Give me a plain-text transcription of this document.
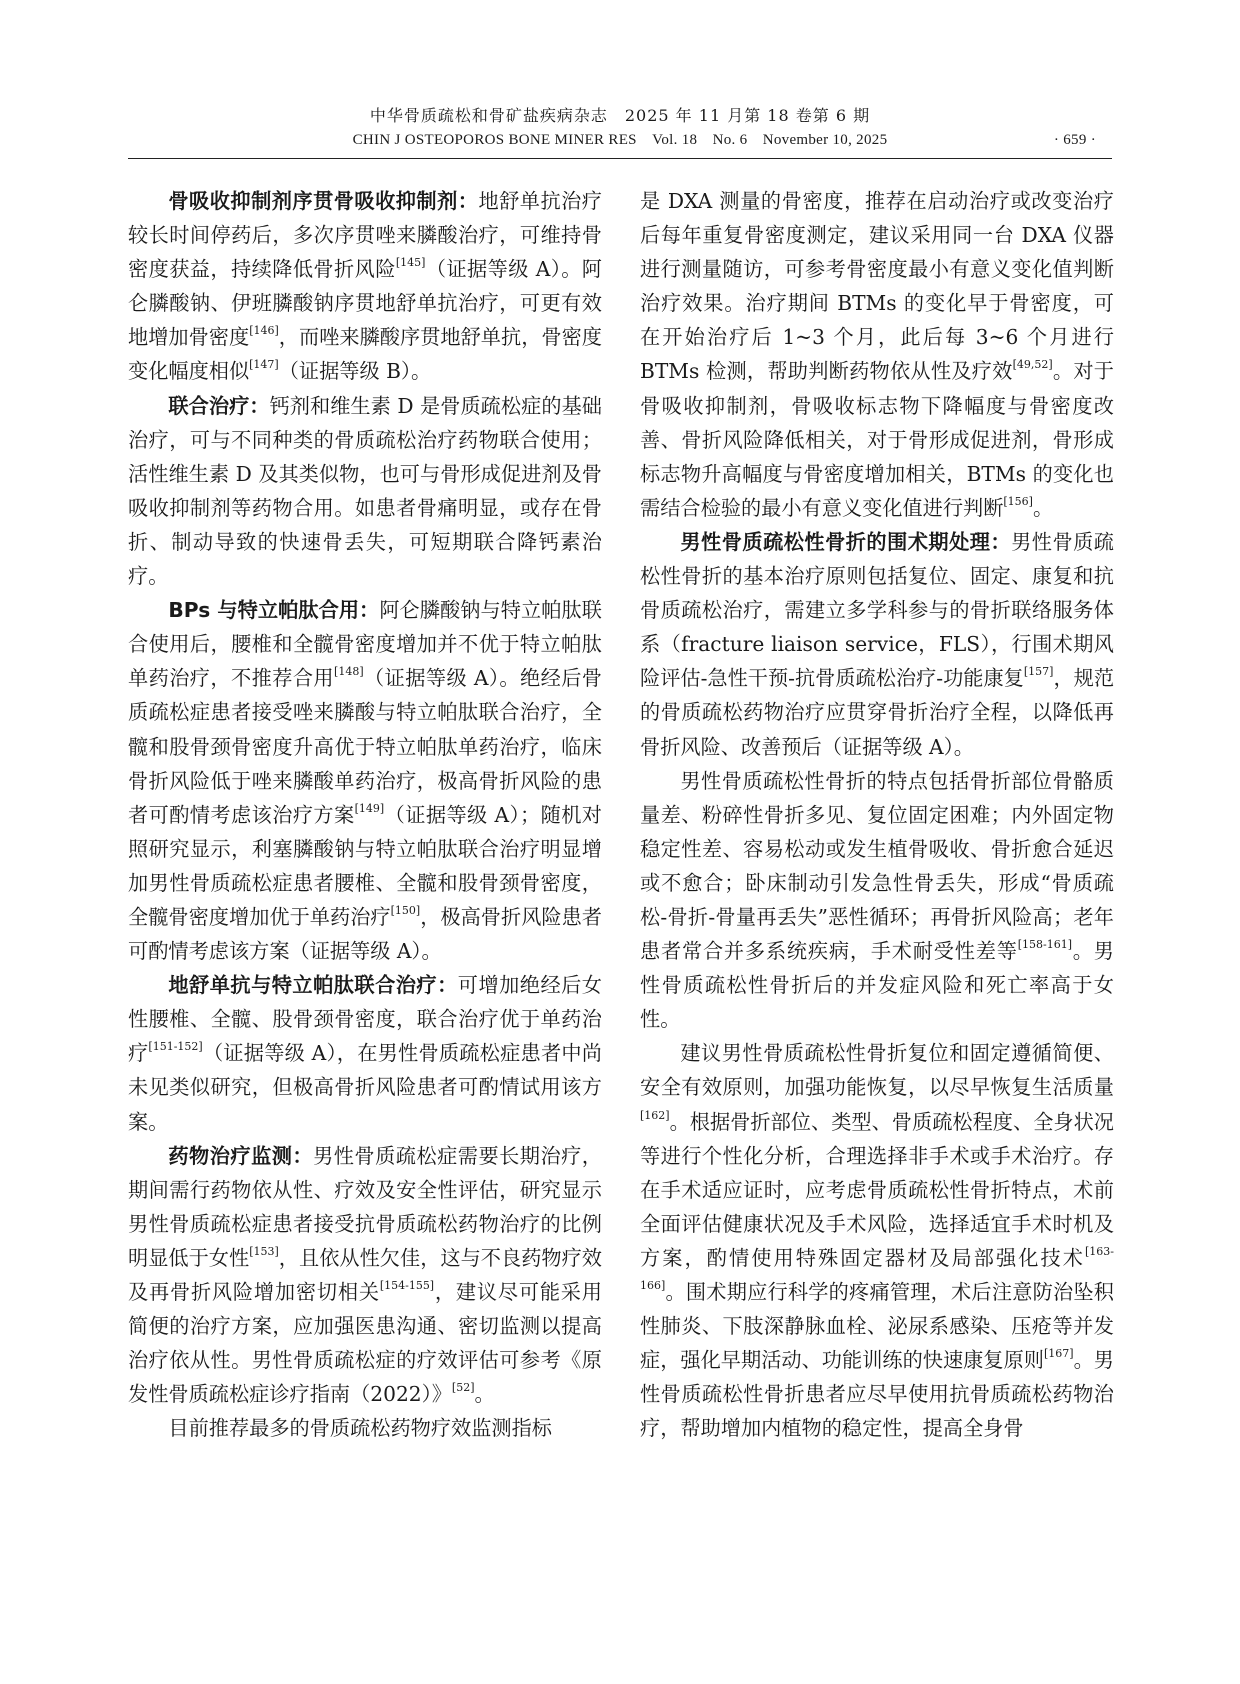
中华骨质疏松和骨矿盐疾病杂志　2025 年 11 月第 18 卷第 6 期
CHIN J OSTEOPOROS BONE MINER RES　Vol. 18　No. 6　November 10, 2025	· 659 ·

骨吸收抑制剂序贯骨吸收抑制剂：地舒单抗治疗较长时间停药后，多次序贯唑来膦酸治疗，可维持骨密度获益，持续降低骨折风险[145]（证据等级 A）。阿仑膦酸钠、伊班膦酸钠序贯地舒单抗治疗，可更有效地增加骨密度[146]，而唑来膦酸序贯地舒单抗，骨密度变化幅度相似[147]（证据等级 B）。

联合治疗：钙剂和维生素 D 是骨质疏松症的基础治疗，可与不同种类的骨质疏松治疗药物联合使用；活性维生素 D 及其类似物，也可与骨形成促进剂及骨吸收抑制剂等药物合用。如患者骨痛明显，或存在骨折、制动导致的快速骨丢失，可短期联合降钙素治疗。

BPs 与特立帕肽合用：阿仑膦酸钠与特立帕肽联合使用后，腰椎和全髋骨密度增加并不优于特立帕肽单药治疗，不推荐合用[148]（证据等级 A）。绝经后骨质疏松症患者接受唑来膦酸与特立帕肽联合治疗，全髋和股骨颈骨密度升高优于特立帕肽单药治疗，临床骨折风险低于唑来膦酸单药治疗，极高骨折风险的患者可酌情考虑该治疗方案[149]（证据等级 A）；随机对照研究显示，利塞膦酸钠与特立帕肽联合治疗明显增加男性骨质疏松症患者腰椎、全髋和股骨颈骨密度，全髋骨密度增加优于单药治疗[150]，极高骨折风险患者可酌情考虑该方案（证据等级 A）。

地舒单抗与特立帕肽联合治疗：可增加绝经后女性腰椎、全髋、股骨颈骨密度，联合治疗优于单药治疗[151-152]（证据等级 A），在男性骨质疏松症患者中尚未见类似研究，但极高骨折风险患者可酌情试用该方案。

药物治疗监测：男性骨质疏松症需要长期治疗，期间需行药物依从性、疗效及安全性评估，研究显示男性骨质疏松症患者接受抗骨质疏松药物治疗的比例明显低于女性[153]，且依从性欠佳，这与不良药物疗效及再骨折风险增加密切相关[154-155]，建议尽可能采用简便的治疗方案，应加强医患沟通、密切监测以提高治疗依从性。男性骨质疏松症的疗效评估可参考《原发性骨质疏松症诊疗指南（2022）》[52]。

目前推荐最多的骨质疏松药物疗效监测指标

是 DXA 测量的骨密度，推荐在启动治疗或改变治疗后每年重复骨密度测定，建议采用同一台 DXA 仪器进行测量随访，可参考骨密度最小有意义变化值判断治疗效果。治疗期间 BTMs 的变化早于骨密度，可在开始治疗后 1~3 个月，此后每 3~6 个月进行 BTMs 检测，帮助判断药物依从性及疗效[49,52]。对于骨吸收抑制剂，骨吸收标志物下降幅度与骨密度改善、骨折风险降低相关，对于骨形成促进剂，骨形成标志物升高幅度与骨密度增加相关，BTMs 的变化也需结合检验的最小有意义变化值进行判断[156]。

男性骨质疏松性骨折的围术期处理：男性骨质疏松性骨折的基本治疗原则包括复位、固定、康复和抗骨质疏松治疗，需建立多学科参与的骨折联络服务体系（fracture liaison service，FLS），行围术期风险评估-急性干预-抗骨质疏松治疗-功能康复[157]，规范的骨质疏松药物治疗应贯穿骨折治疗全程，以降低再骨折风险、改善预后（证据等级 A）。

男性骨质疏松性骨折的特点包括骨折部位骨骼质量差、粉碎性骨折多见、复位固定困难；内外固定物稳定性差、容易松动或发生植骨吸收、骨折愈合延迟或不愈合；卧床制动引发急性骨丢失，形成“骨质疏松-骨折-骨量再丢失”恶性循环；再骨折风险高；老年患者常合并多系统疾病，手术耐受性差等[158-161]。男性骨质疏松性骨折后的并发症风险和死亡率高于女性。

建议男性骨质疏松性骨折复位和固定遵循简便、安全有效原则，加强功能恢复，以尽早恢复生活质量[162]。根据骨折部位、类型、骨质疏松程度、全身状况等进行个性化分析，合理选择非手术或手术治疗。存在手术适应证时，应考虑骨质疏松性骨折特点，术前全面评估健康状况及手术风险，选择适宜手术时机及方案，酌情使用特殊固定器材及局部强化技术[163-166]。围术期应行科学的疼痛管理，术后注意防治坠积性肺炎、下肢深静脉血栓、泌尿系感染、压疮等并发症，强化早期活动、功能训练的快速康复原则[167]。男性骨质疏松性骨折患者应尽早使用抗骨质疏松药物治疗，帮助增加内植物的稳定性，提高全身骨
